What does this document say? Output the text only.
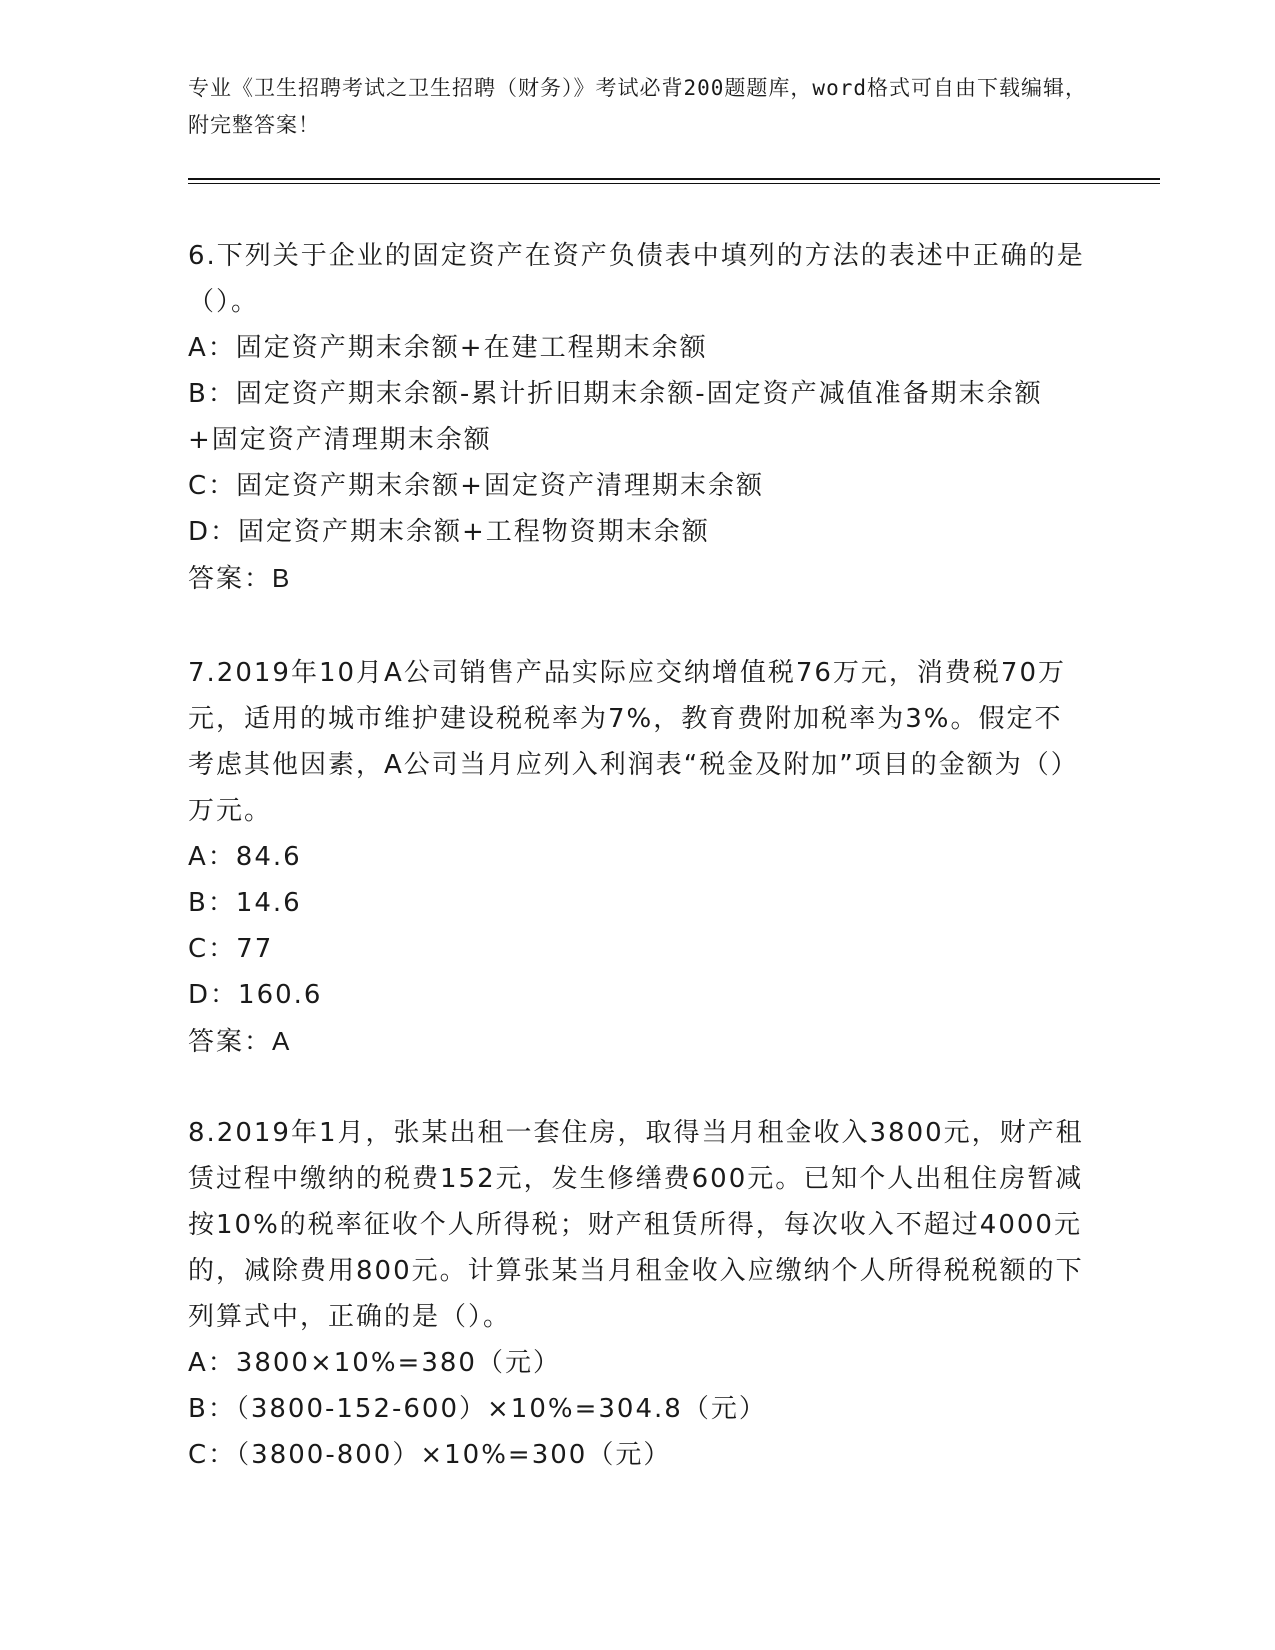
专业《卫生招聘考试之卫生招聘（财务）》考试必背200题题库，word格式可自由下载编辑，附完整答案！

6.下列关于企业的固定资产在资产负债表中填列的方法的表述中正确的是（）。

A：固定资产期末余额+在建工程期末余额

B：固定资产期末余额-累计折旧期末余额-固定资产减值准备期末余额+固定资产清理期末余额

C：固定资产期末余额+固定资产清理期末余额

D：固定资产期末余额+工程物资期末余额

答案：B

7.2019年10月A公司销售产品实际应交纳增值税76万元，消费税70万元，适用的城市维护建设税税率为7%，教育费附加税率为3%。假定不考虑其他因素，A公司当月应列入利润表“税金及附加”项目的金额为（）万元。

A：84.6

B：14.6

C：77

D：160.6

答案：A

8.2019年1月，张某出租一套住房，取得当月租金收入3800元，财产租赁过程中缴纳的税费152元，发生修缮费600元。已知个人出租住房暂减按10%的税率征收个人所得税；财产租赁所得，每次收入不超过4000元的，减除费用800元。计算张某当月租金收入应缴纳个人所得税税额的下列算式中，正确的是（）。

A：3800×10%=380（元）

B：（3800-152-600）×10%=304.8（元）

C：（3800-800）×10%=300（元）
